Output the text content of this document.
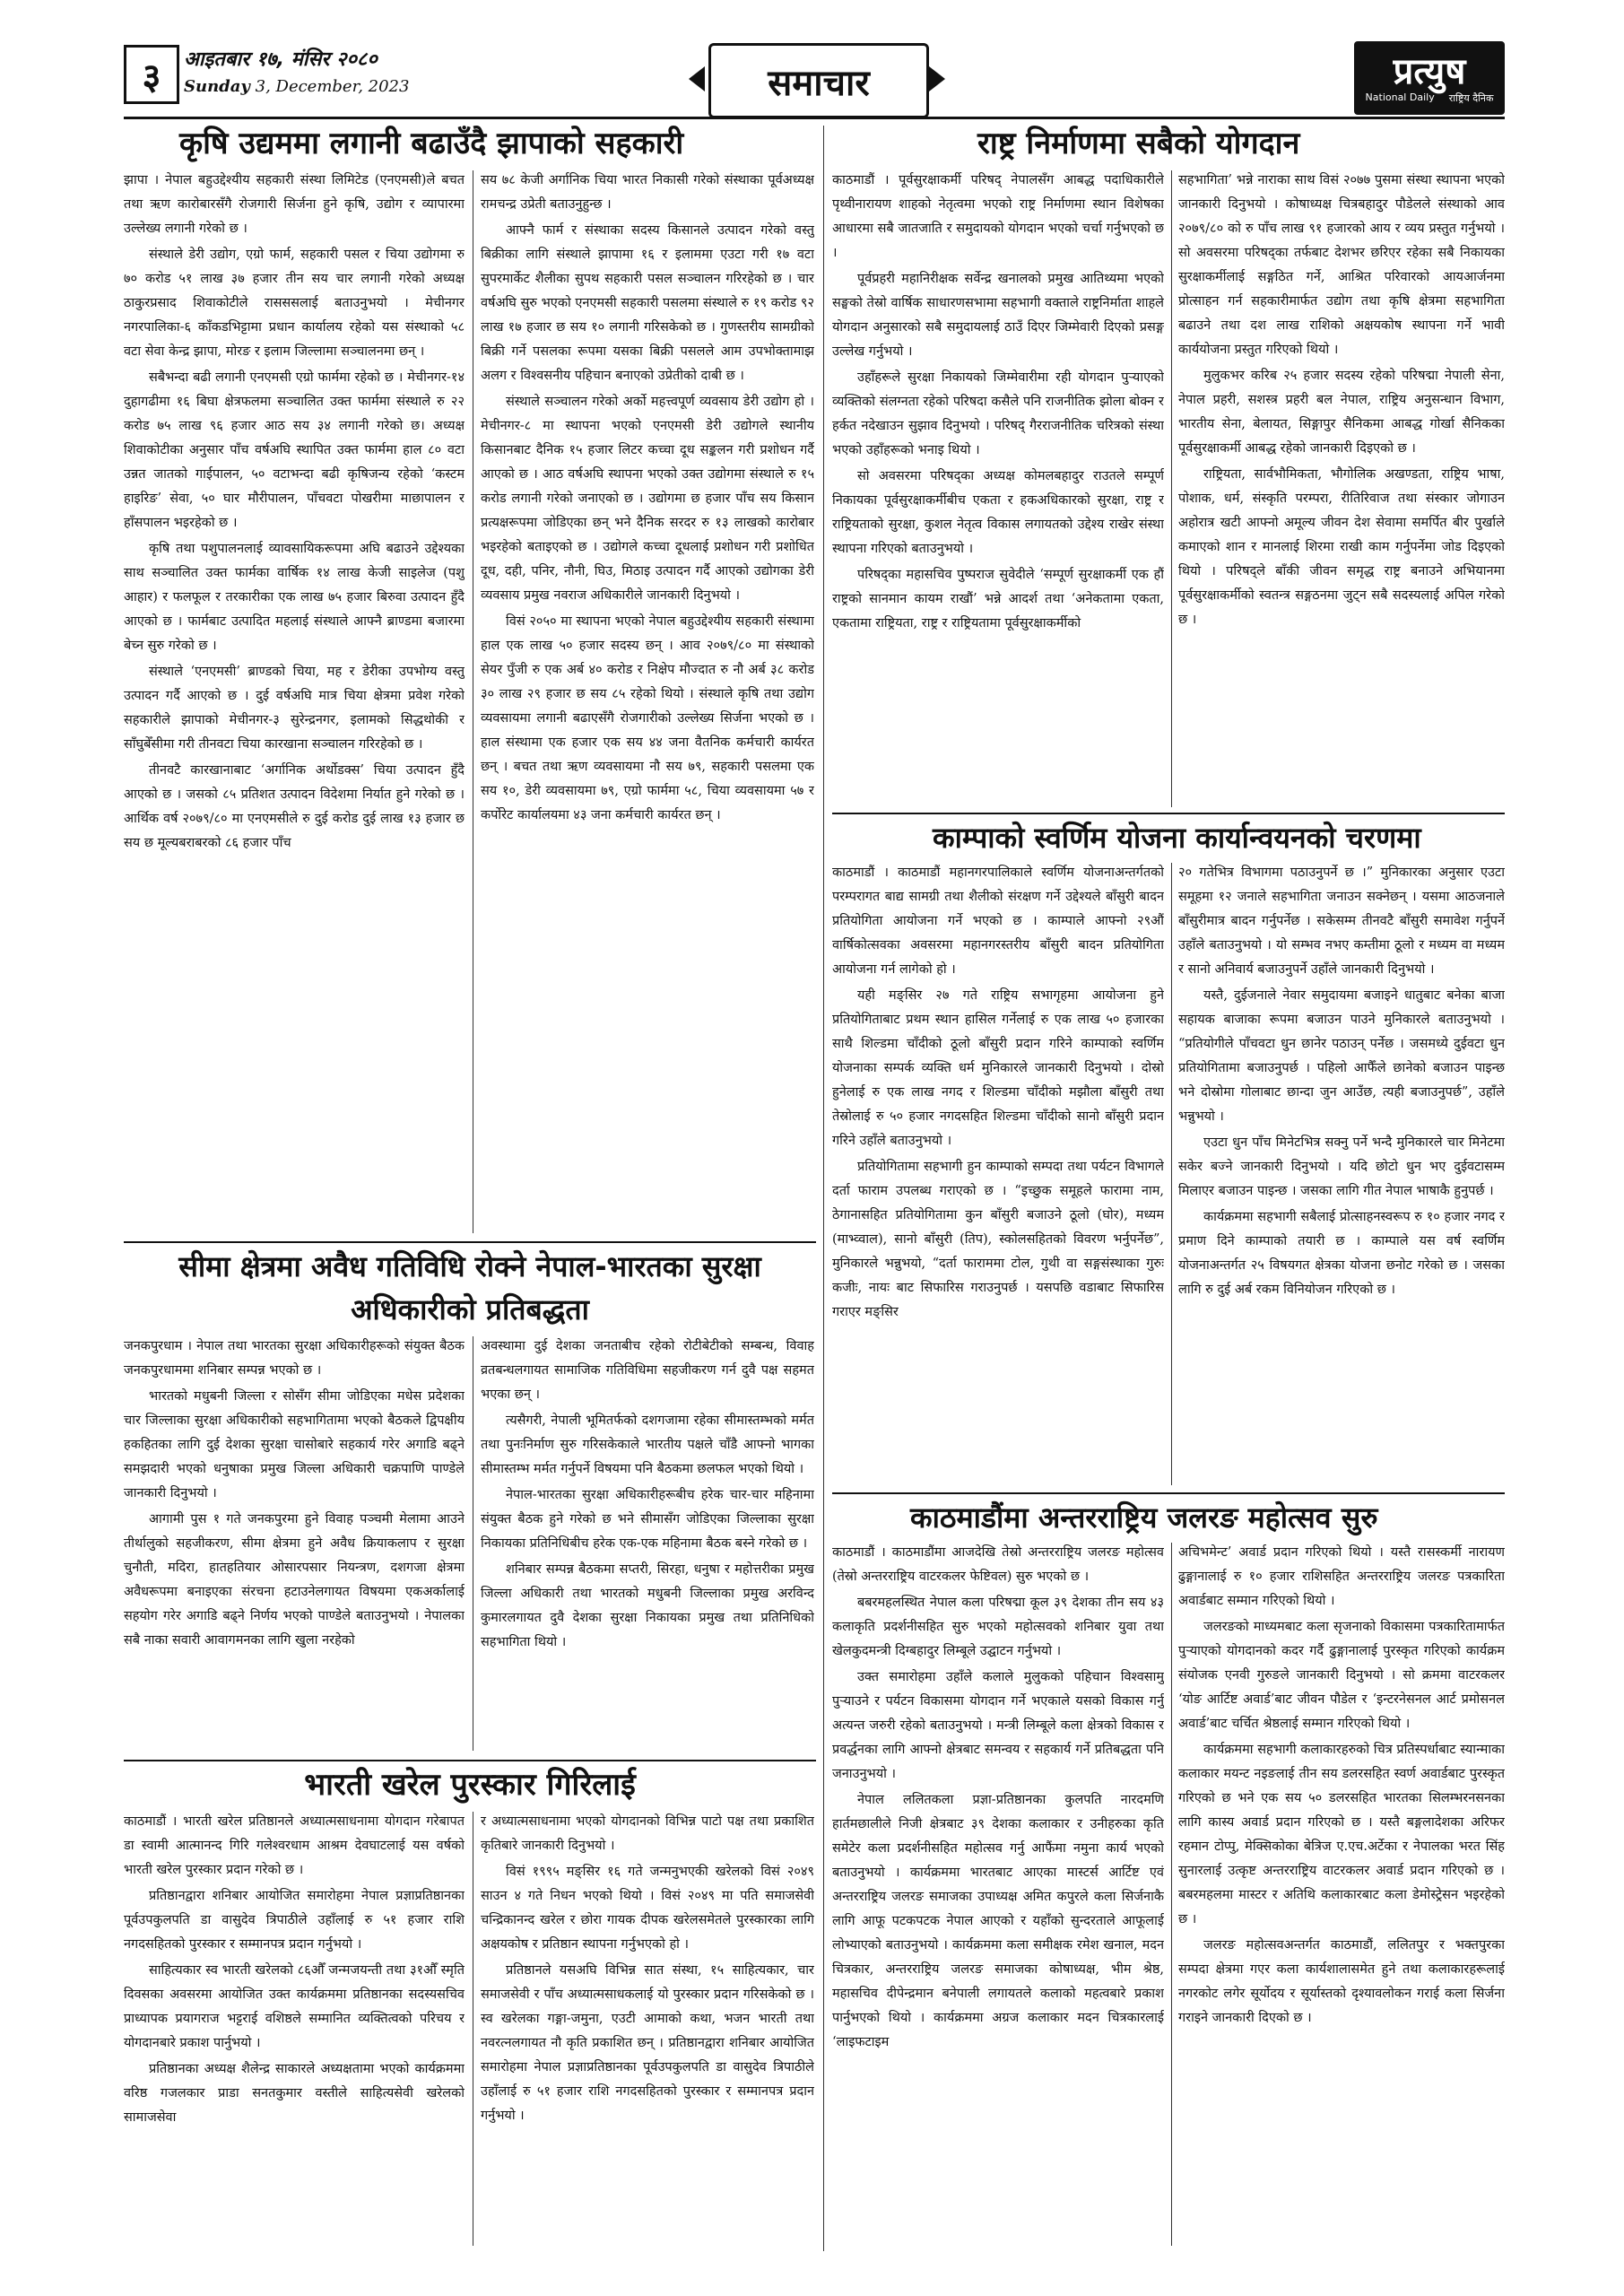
३	आइतबार १७, मंसिर २०८०
Sunday 3, December, 2023	समाचार	प्रत्युष
National Daily राष्ट्रिय दैनिक
कृषि उद्यममा लगानी बढाउँदै झापाको सहकारी

झापा । नेपाल बहुउद्देश्यीय सहकारी संस्था लिमिटेड (एनएमसी)ले बचत तथा ऋण कारोबारसँगै रोजगारी सिर्जना हुने कृषि, उद्योग र व्यापारमा उल्लेख्य लगानी गरेको छ ।

संस्थाले डेरी उद्योग, एग्रो फार्म, सहकारी पसल र चिया उद्योगमा रु ७० करोड ५१ लाख ३७ हजार तीन सय चार लगानी गरेको अध्यक्ष ठाकुरप्रसाद शिवाकोटीले रासससलाई बताउनुभयो । मेचीनगर नगरपालिका-६ काँकडभिट्टामा प्रधान कार्यालय रहेको यस संस्थाको ५८ वटा सेवा केन्द्र झापा, मोरङ र इलाम जिल्लामा सञ्चालनमा छन् ।

सबैभन्दा बढी लगानी एनएमसी एग्रो फार्ममा रहेको छ । मेचीनगर-१४ दुहागढीमा १६ बिघा क्षेत्रफलमा सञ्चालित उक्त फार्ममा संस्थाले रु २२ करोड ७५ लाख ९६ हजार आठ सय ३४ लगानी गरेको छ। अध्यक्ष शिवाकोटीका अनुसार पाँच वर्षअघि स्थापित उक्त फार्ममा हाल ८० वटा उन्नत जातको गाईपालन, ५० वटाभन्दा बढी कृषिजन्य रहेको ‘कस्टम हाइरिङ’ सेवा, ५० घार मौरीपालन, पाँचवटा पोखरीमा माछापालन र हाँसपालन भइरहेको छ ।

कृषि तथा पशुपालनलाई व्यावसायिकरूपमा अघि बढाउने उद्देश्यका साथ सञ्चालित उक्त फार्मका वार्षिक १४ लाख केजी साइलेज (पशु आहार) र फलफूल र तरकारीका एक लाख ७५ हजार बिरुवा उत्पादन हुँदै आएको छ । फार्मबाट उत्पादित महलाई संस्थाले आफ्नै ब्राण्डमा बजारमा बेच्न सुरु गरेको छ ।

संस्थाले ‘एनएमसी’ ब्राण्डको चिया, मह र डेरीका उपभोग्य वस्तु उत्पादन गर्दै आएको छ । दुई वर्षअघि मात्र चिया क्षेत्रमा प्रवेश गरेको सहकारीले झापाको मेचीनगर-३ सुरेन्द्रनगर, इलामको सिद्धथोकी र साँघुबेँसीमा गरी तीनवटा चिया कारखाना सञ्चालन गरिरहेको छ ।

तीनवटै कारखानाबाट ‘अर्गानिक अर्थोडक्स’ चिया उत्पादन हुँदै आएको छ । जसको ८५ प्रतिशत उत्पादन विदेशमा निर्यात हुने गरेको छ । आर्थिक वर्ष २०७९/८० मा एनएमसीले रु दुई करोड दुई लाख १३ हजार छ सय छ मूल्यबराबरको ८६ हजार पाँच

सय ७८ केजी अर्गानिक चिया भारत निकासी गरेको संस्थाका पूर्वअध्यक्ष रामचन्द्र उप्रेती बताउनुहुन्छ ।

आफ्नै फार्म र संस्थाका सदस्य किसानले उत्पादन गरेको वस्तु बिक्रीका लागि संस्थाले झापामा १६ र इलाममा एउटा गरी १७ वटा सुपरमार्केट शैलीका सुपथ सहकारी पसल सञ्चालन गरिरहेको छ । चार वर्षअघि सुरु भएको एनएमसी सहकारी पसलमा संस्थाले रु १९ करोड ९२ लाख १७ हजार छ सय १० लगानी गरिसकेको छ । गुणस्तरीय सामग्रीको बिक्री गर्ने पसलका रूपमा यसका बिक्री पसलले आम उपभोक्तामाझ अलग र विश्वसनीय पहिचान बनाएको उप्रेतीको दाबी छ ।

संस्थाले सञ्चालन गरेको अर्को महत्त्वपूर्ण व्यवसाय डेरी उद्योग हो । मेचीनगर-८ मा स्थापना भएको एनएमसी डेरी उद्योगले स्थानीय किसानबाट दैनिक १५ हजार लिटर कच्चा दूध सङ्कलन गरी प्रशोधन गर्दै आएको छ । आठ वर्षअघि स्थापना भएको उक्त उद्योगमा संस्थाले रु १५ करोड लगानी गरेको जनाएको छ । उद्योगमा छ हजार पाँच सय किसान प्रत्यक्षरूपमा जोडिएका छन् भने दैनिक सरदर रु १३ लाखको कारोबार भइरहेको बताइएको छ । उद्योगले कच्चा दूधलाई प्रशोधन गरी प्रशोधित दूध, दही, पनिर, नौनी, घिउ, मिठाइ उत्पादन गर्दै आएको उद्योगका डेरी व्यवसाय प्रमुख नवराज अधिकारीले जानकारी दिनुभयो ।

विसं २०५० मा स्थापना भएको नेपाल बहुउद्देश्यीय सहकारी संस्थामा हाल एक लाख ५० हजार सदस्य छन् । आव २०७९/८० मा संस्थाको सेयर पुँजी रु एक अर्ब ४० करोड र निक्षेप मौज्दात रु नौ अर्ब ३८ करोड ३० लाख २९ हजार छ सय ८५ रहेको थियो । संस्थाले कृषि तथा उद्योग व्यवसायमा लगानी बढाएसँगै रोजगारीको उल्लेख्य सिर्जना भएको छ । हाल संस्थामा एक हजार एक सय ४४ जना वैतनिक कर्मचारी कार्यरत छन् । बचत तथा ऋण व्यवसायमा नौ सय ७९, सहकारी पसलमा एक सय १०, डेरी व्यवसायमा ७९, एग्रो फार्ममा ५८, चिया व्यवसायमा ५७ र कर्पोरेट कार्यालयमा ४३ जना कर्मचारी कार्यरत छन् ।

सीमा क्षेत्रमा अवैध गतिविधि रोक्ने नेपाल-भारतका सुरक्षा
अधिकारीको प्रतिबद्धता

जनकपुरधाम । नेपाल तथा भारतका सुरक्षा अधिकारीहरूको संयुक्त बैठक जनकपुरधाममा शनिबार सम्पन्न भएको छ ।

भारतको मधुबनी जिल्ला र सोसँग सीमा जोडिएका मधेस प्रदेशका चार जिल्लाका सुरक्षा अधिकारीको सहभागितामा भएको बैठकले द्विपक्षीय हकहितका लागि दुई देशका सुरक्षा चासोबारे सहकार्य गरेर अगाडि बढ्ने समझदारी भएको धनुषाका प्रमुख जिल्ला अधिकारी चक्रपाणि पाण्डेले जानकारी दिनुभयो ।

आगामी पुस १ गते जनकपुरमा हुने विवाह पञ्चमी मेलामा आउने तीर्थालुको सहजीकरण, सीमा क्षेत्रमा हुने अवैध क्रियाकलाप र सुरक्षा चुनौती, मदिरा, हातहतियार ओसारपसार नियन्त्रण, दशगजा क्षेत्रमा अवैधरूपमा बनाइएका संरचना हटाउनेलगायत विषयमा एकअर्कालाई सहयोग गरेर अगाडि बढ्ने निर्णय भएको पाण्डेले बताउनुभयो । नेपालका सबै नाका सवारी आवागमनका लागि खुला नरहेको

अवस्थामा दुई देशका जनताबीच रहेको रोटीबेटीको सम्बन्ध, विवाह व्रतबन्धलगायत सामाजिक गतिविधिमा सहजीकरण गर्न दुवै पक्ष सहमत भएका छन् ।

त्यसैगरी, नेपाली भूमितर्फको दशगजामा रहेका सीमास्तम्भको मर्मत तथा पुनःनिर्माण सुरु गरिसकेकाले भारतीय पक्षले चाँडै आफ्नो भागका सीमास्तम्भ मर्मत गर्नुपर्ने विषयमा पनि बैठकमा छलफल भएको थियो ।

नेपाल-भारतका सुरक्षा अधिकारीहरूबीच हरेक चार-चार महिनामा संयुक्त बैठक हुने गरेको छ भने सीमासँग जोडिएका जिल्लाका सुरक्षा निकायका प्रतिनिधिबीच हरेक एक-एक महिनामा बैठक बस्ने गरेको छ ।

शनिबार सम्पन्न बैठकमा सप्तरी, सिरहा, धनुषा र महोत्तरीका प्रमुख जिल्ला अधिकारी तथा भारतको मधुबनी जिल्लाका प्रमुख अरविन्द कुमारलगायत दुवै देशका सुरक्षा निकायका प्रमुख तथा प्रतिनिधिको सहभागिता थियो ।

भारती खरेल पुरस्कार गिरिलाई

काठमाडौं । भारती खरेल प्रतिष्ठानले अध्यात्मसाधनामा योगदान गरेबापत डा स्वामी आत्मानन्द गिरि गलेश्वरधाम आश्रम देवघाटलाई यस वर्षको भारती खरेल पुरस्कार प्रदान गरेको छ ।

प्रतिष्ठानद्वारा शनिबार आयोजित समारोहमा नेपाल प्रज्ञाप्रतिष्ठानका पूर्वउपकुलपति डा वासुदेव त्रिपाठीले उहाँलाई रु ५१ हजार राशि नगदसहितको पुरस्कार र सम्मानपत्र प्रदान गर्नुभयो ।

साहित्यकार स्व भारती खरेलको ८६औँ जन्मजयन्ती तथा ३१औँ स्मृति दिवसका अवसरमा आयोजित उक्त कार्यक्रममा प्रतिष्ठानका सदस्यसचिव प्राध्यापक प्रयागराज भट्टराई वशिष्ठले सम्मानित व्यक्तित्वको परिचय र योगदानबारे प्रकाश पार्नुभयो ।

प्रतिष्ठानका अध्यक्ष शैलेन्द्र साकारले अध्यक्षतामा भएको कार्यक्रममा वरिष्ठ गजलकार प्राडा सनतकुमार वस्तीले साहित्यसेवी खरेलको सामाजसेवा

र अध्यात्मसाधनामा भएको योगदानको विभिन्न पाटो पक्ष तथा प्रकाशित कृतिबारे जानकारी दिनुभयो ।

विसं १९९५ मङ्सिर १६ गते जन्मनुभएकी खरेलको विसं २०४९ साउन ४ गते निधन भएको थियो । विसं २०४९ मा पति समाजसेवी चन्द्रिकानन्द खरेल र छोरा गायक दीपक खरेलसमेतले पुरस्कारका लागि अक्षयकोष र प्रतिष्ठान स्थापना गर्नुभएको हो ।

प्रतिष्ठानले यसअघि विभिन्न सात संस्था, १५ साहित्यकार, चार समाजसेवी र पाँच अध्यात्मसाधकलाई यो पुरस्कार प्रदान गरिसकेको छ । स्व खरेलका गङ्गा-जमुना, एउटी आमाको कथा, भजन भारती तथा नवरत्नलगायत नौ कृति प्रकाशित छन् । प्रतिष्ठानद्वारा शनिबार आयोजित समारोहमा नेपाल प्रज्ञाप्रतिष्ठानका पूर्वउपकुलपति डा वासुदेव त्रिपाठीले उहाँलाई रु ५१ हजार राशि नगदसहितको पुरस्कार र सम्मानपत्र प्रदान गर्नुभयो ।

राष्ट्र निर्माणमा सबैको योगदान

काठमाडौं । पूर्वसुरक्षाकर्मी परिषद् नेपालसँग आबद्ध पदाधिकारीले पृथ्वीनारायण शाहको नेतृत्वमा भएको राष्ट्र निर्माणमा स्थान विशेषका आधारमा सबै जातजाति र समुदायको योगदान भएको चर्चा गर्नुभएको छ ।

पूर्वप्रहरी महानिरीक्षक सर्वेन्द्र खनालको प्रमुख आतिथ्यमा भएको सङ्घको तेस्रो वार्षिक साधारणसभामा सहभागी वक्ताले राष्ट्रनिर्माता शाहले योगदान अनुसारको सबै समुदायलाई ठाउँ दिएर जिम्मेवारी दिएको प्रसङ्ग उल्लेख गर्नुभयो ।

उहाँहरूले सुरक्षा निकायको जिम्मेवारीमा रही योगदान पुर्‍याएको व्यक्तिको संलग्नता रहेको परिषदा कसैले पनि राजनीतिक झोला बोक्न र हर्कत नदेखाउन सुझाव दिनुभयो । परिषद् गैरराजनीतिक चरित्रको संस्था भएको उहाँहरूको भनाइ थियो ।

सो अवसरमा परिषद्का अध्यक्ष कोमलबहादुर राउतले सम्पूर्ण निकायका पूर्वसुरक्षाकर्मीबीच एकता र हकअधिकारको सुरक्षा, राष्ट्र र राष्ट्रियताको सुरक्षा, कुशल नेतृत्व विकास लगायतको उद्देश्य राखेर संस्था स्थापना गरिएको बताउनुभयो ।

परिषद्का महासचिव पुष्पराज सुवेदीले ‘सम्पूर्ण सुरक्षाकर्मी एक हौं राष्ट्रको सानमान कायम राखौं’ भन्ने आदर्श तथा ‘अनेकतामा एकता, एकतामा राष्ट्रियता, राष्ट्र र राष्ट्रियतामा पूर्वसुरक्षाकर्मीको

सहभागिता’ भन्ने नाराका साथ विसं २०७७ पुसमा संस्था स्थापना भएको जानकारी दिनुभयो । कोषाध्यक्ष चित्रबहादुर पौडेलले संस्थाको आव २०७९/८० को रु पाँच लाख ९१ हजारको आय र व्यय प्रस्तुत गर्नुभयो । सो अवसरमा परिषद्का तर्फबाट देशभर छरिएर रहेका सबै निकायका सुरक्षाकर्मीलाई सङ्गठित गर्ने, आश्रित परिवारको आयआर्जनमा प्रोत्साहन गर्न सहकारीमार्फत उद्योग तथा कृषि क्षेत्रमा सहभागिता बढाउने तथा दश लाख राशिको अक्षयकोष स्थापना गर्ने भावी कार्ययोजना प्रस्तुत गरिएको थियो ।

मुलुकभर करिब २५ हजार सदस्य रहेको परिषद्मा नेपाली सेना, नेपाल प्रहरी, सशस्त्र प्रहरी बल नेपाल, राष्ट्रिय अनुसन्धान विभाग, भारतीय सेना, बेलायत, सिङ्गापुर सैनिकमा आबद्ध गोर्खा सैनिकका पूर्वसुरक्षाकर्मी आबद्ध रहेको जानकारी दिइएको छ ।

राष्ट्रियता, सार्वभौमिकता, भौगोलिक अखण्डता, राष्ट्रिय भाषा, पोशाक, धर्म, संस्कृति परम्परा, रीतिरिवाज तथा संस्कार जोगाउन अहोरात्र खटी आफ्नो अमूल्य जीवन देश सेवामा समर्पित बीर पुर्खाले कमाएको शान र मानलाई शिरमा राखी काम गर्नुपर्नेमा जोड दिइएको थियो । परिषद्ले बाँकी जीवन समृद्ध राष्ट्र बनाउने अभियानमा पूर्वसुरक्षाकर्मीको स्वतन्त्र सङ्गठनमा जुट्न सबै सदस्यलाई अपिल गरेको छ ।

काम्पाको स्वर्णिम योजना कार्यान्वयनको चरणमा

काठमाडौं । काठमाडौं महानगरपालिकाले स्वर्णिम योजनाअन्तर्गतको परम्परागत बाद्य सामग्री तथा शैलीको संरक्षण गर्ने उद्देश्यले बाँसुरी बादन प्रतियोगिता आयोजना गर्ने भएको छ । काम्पाले आफ्नो २९औं वार्षिकोत्सवका अवसरमा महानगरस्तरीय बाँसुरी बादन प्रतियोगिता आयोजना गर्न लागेको हो ।

यही मङ्सिर २७ गते राष्ट्रिय सभागृहमा आयोजना हुने प्रतियोगिताबाट प्रथम स्थान हासिल गर्नेलाई रु एक लाख ५० हजारका साथै शिल्डमा चाँदीको ठूलो बाँसुरी प्रदान गरिने काम्पाको स्वर्णिम योजनाका सम्पर्क व्यक्ति धर्म मुनिकारले जानकारी दिनुभयो । दोस्रो हुनेलाई रु एक लाख नगद र शिल्डमा चाँदीको मझौला बाँसुरी तथा तेस्रोलाई रु ५० हजार नगदसहित शिल्डमा चाँदीको सानो बाँसुरी प्रदान गरिने उहाँले बताउनुभयो ।

प्रतियोगितामा सहभागी हुन काम्पाको सम्पदा तथा पर्यटन विभागले दर्ता फाराम उपलब्ध गराएको छ । “इच्छुक समूहले फारामा नाम, ठेगानासहित प्रतियोगितामा कुन बाँसुरी बजाउने ठूलो (घोर), मध्यम (माभ्व्वाल), सानो बाँसुरी (तिप), स्कोलसहितको विवरण भर्नुपर्नेछ”, मुनिकारले भन्नुभयो, “दर्ता फाराममा टोल, गुथी वा सङ्गसंस्थाका गुरुः कजीः, नायः बाट सिफारिस गराउनुपर्छ । यसपछि वडाबाट सिफारिस गराएर मङ्सिर

२० गतेभित्र विभागमा पठाउनुपर्ने छ ।” मुनिकारका अनुसार एउटा समूहमा १२ जनाले सहभागिता जनाउन सक्नेछन् । यसमा आठजनाले बाँसुरीमात्र बादन गर्नुपर्नेछ । सकेसम्म तीनवटै बाँसुरी समावेश गर्नुपर्ने उहाँले बताउनुभयो । यो सम्भव नभए कम्तीमा ठूलो र मध्यम वा मध्यम र सानो अनिवार्य बजाउनुपर्ने उहाँले जानकारी दिनुभयो ।

यस्तै, दुईजनाले नेवार समुदायमा बजाइने धातुबाट बनेका बाजा सहायक बाजाका रूपमा बजाउन पाउने मुनिकारले बताउनुभयो । “प्रतियोगीले पाँचवटा धुन छानेर पठाउन् पर्नेछ । जसमध्ये दुईवटा धुन प्रतियोगितामा बजाउनुपर्छ । पहिलो आफैँले छानेको बजाउन पाइन्छ भने दोस्रोमा गोलाबाट छान्दा जुन आउँछ, त्यही बजाउनुपर्छ”, उहाँले भन्नुभयो ।

एउटा धुन पाँच मिनेटभित्र सक्नु पर्ने भन्दै मुनिकारले चार मिनेटमा सकेर बज्ने जानकारी दिनुभयो । यदि छोटो धुन भए दुईवटासम्म मिलाएर बजाउन पाइन्छ । जसका लागि गीत नेपाल भाषाकै हुनुपर्छ ।

कार्यक्रममा सहभागी सबैलाई प्रोत्साहनस्वरूप रु १० हजार नगद र प्रमाण दिने काम्पाको तयारी छ । काम्पाले यस वर्ष स्वर्णिम योजनाअन्तर्गत २५ विषयगत क्षेत्रका योजना छनोट गरेको छ । जसका लागि रु दुई अर्ब रकम विनियोजन गरिएको छ ।

काठमाडौंमा अन्तरराष्ट्रिय जलरङ महोत्सव सुरु

काठमाडौं । काठमाडौंमा आजदेखि तेस्रो अन्तरराष्ट्रिय जलरङ महोत्सव (तेस्रो अन्तरराष्ट्रिय वाटरकलर फेष्टिवल) सुरु भएको छ ।

बबरमहलस्थित नेपाल कला परिषद्मा कूल ३९ देशका तीन सय ४३ कलाकृति प्रदर्शनीसहित सुरु भएको महोत्सवको शनिबार युवा तथा खेलकुदमन्त्री दिग्बहादुर लिम्बूले उद्घाटन गर्नुभयो ।

उक्त समारोहमा उहाँले कलाले मुलुकको पहिचान विश्वसामु पुऱ्याउने र पर्यटन विकासमा योगदान गर्ने भएकाले यसको विकास गर्नु अत्यन्त जरुरी रहेको बताउनुभयो । मन्त्री लिम्बूले कला क्षेत्रको विकास र प्रवर्द्धनका लागि आफ्नो क्षेत्रबाट समन्वय र सहकार्य गर्ने प्रतिबद्धता पनि जनाउनुभयो ।

नेपाल ललितकला प्रज्ञा-प्रतिष्ठानका कुलपति नारदमणि हार्तमछालीले निजी क्षेत्रबाट ३९ देशका कलाकार र उनीहरुका कृति समेटेर कला प्रदर्शनीसहित महोत्सव गर्नु आफैंमा नमुना कार्य भएको बताउनुभयो । कार्यक्रममा भारतबाट आएका मास्टर्स आर्टिष्ट एवं अन्तरराष्ट्रिय जलरङ समाजका उपाध्यक्ष अमित कपुरले कला सिर्जनाकै लागि आफू पटकपटक नेपाल आएको र यहाँको सुन्दरताले आफूलाई लोभ्याएको बताउनुभयो । कार्यक्रममा कला समीक्षक रमेश खनाल, मदन चित्रकार, अन्तरराष्ट्रिय जलरङ समाजका कोषाध्यक्ष, भीम श्रेष्ठ, महासचिव दीपेन्द्रमान बनेपाली लगायतले कलाको महत्वबारे प्रकाश पार्नुभएको थियो । कार्यक्रममा अग्रज कलाकार मदन चित्रकारलाई ‘लाइफटाइम

अचिभमेन्ट’ अवार्ड प्रदान गरिएको थियो । यस्तै रासस्कर्मी नारायण ढुङ्गानालाई रु १० हजार राशिसहित अन्तरराष्ट्रिय जलरङ पत्रकारिता अवार्डबाट सम्मान गरिएको थियो ।

जलरङको माध्यमबाट कला सृजनाको विकासमा पत्रकारितामार्फत पुऱ्याएको योगदानको कदर गर्दै ढुङ्गानालाई पुरस्कृत गरिएको कार्यक्रम संयोजक एनवी गुरुङले जानकारी दिनुभयो । सो क्रममा वाटरकलर ‘योङ आर्टिष्ट अवार्ड’बाट जीवन पौडेल र ‘इन्टरनेसनल आर्ट प्रमोसनल अवार्ड’बाट चर्चित श्रेष्ठलाई सम्मान गरिएको थियो ।

कार्यक्रममा सहभागी कलाकारहरुको चित्र प्रतिस्पर्धाबाट स्यान्माका कलाकार मयन्ट नइङलाई तीन सय डलरसहित स्वर्ण अवार्डबाट पुरस्कृत गरिएको छ भने एक सय ५० डलरसहित भारतका सिलम्भरनसनका लागि कास्य अवार्ड प्रदान गरिएको छ । यस्तै बङ्गलादेशका अरिफर रहमान टोप्पु, मेक्सिकोका बेत्रिज ए.एच.अर्टेका र नेपालका भरत सिंह सुनारलाई उत्कृष्ट अन्तरराष्ट्रिय वाटरकलर अवार्ड प्रदान गरिएको छ । बबरमहलमा मास्टर र अतिथि कलाकारबाट कला डेमोस्ट्रेसन भइरहेको छ ।

जलरङ महोत्सवअन्तर्गत काठमाडौं, ललितपुर र भक्तपुरका सम्पदा क्षेत्रमा गएर कला कार्यशालासमेत हुने तथा कलाकारहरूलाई नगरकोट लगेर सूर्योदय र सूर्यास्तको दृश्यावलोकन गराई कला सिर्जना गराइने जानकारी दिएको छ ।
